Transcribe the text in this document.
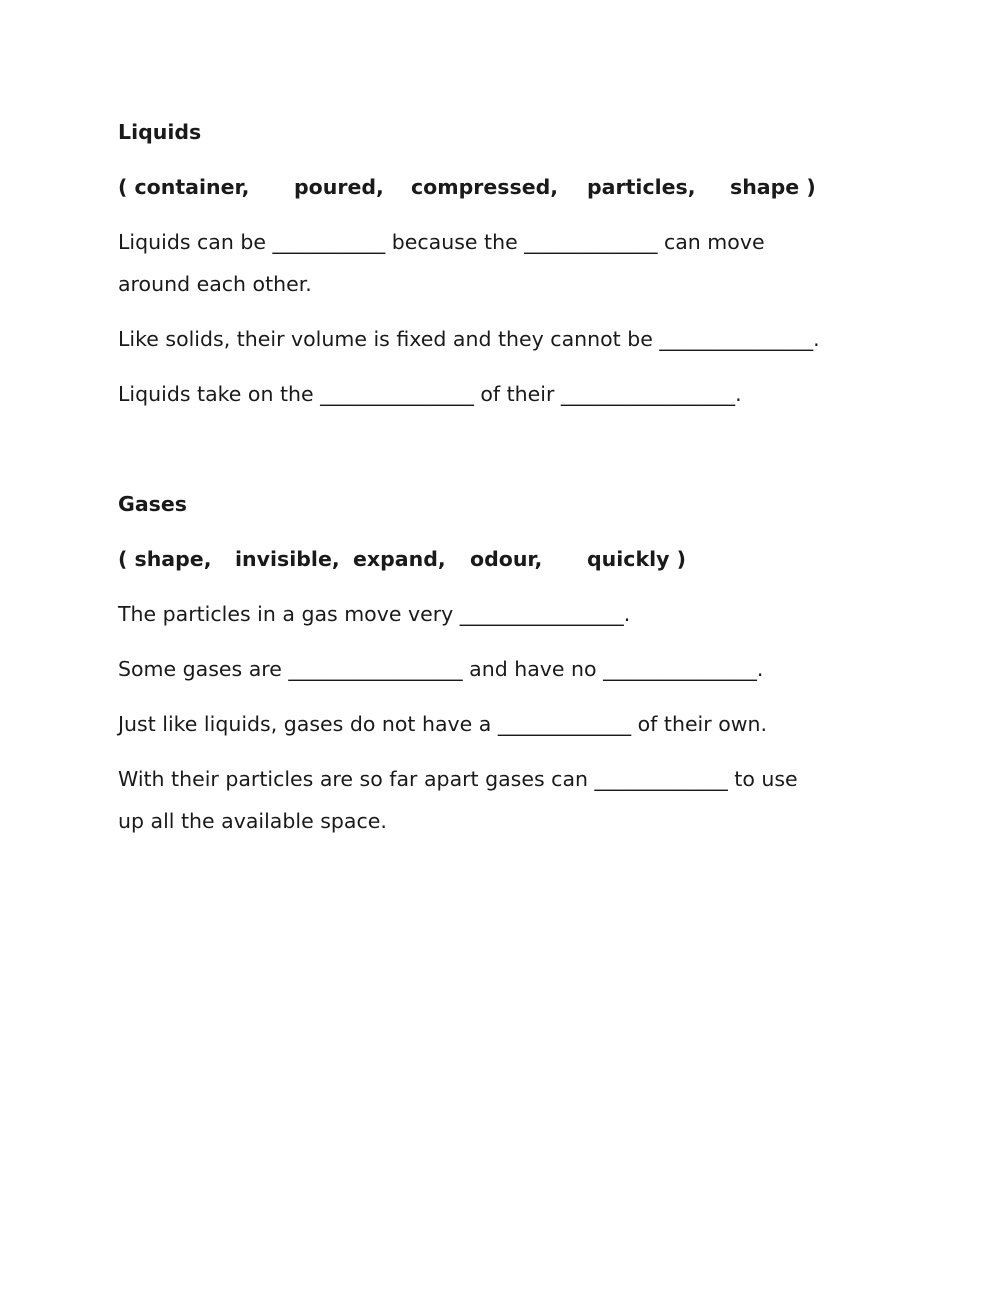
Liquids

( container, poured, compressed, particles, shape )

Liquids can be ___________ because the _____________ can move

around each other.

Like solids, their volume is fixed and they cannot be _______________.

Liquids take on the _______________ of their _________________.

Gases

( shape, invisible, expand, odour, quickly )

The particles in a gas move very ________________.

Some gases are _________________ and have no _______________.

Just like liquids, gases do not have a _____________ of their own.

With their particles are so far apart gases can _____________ to use

up all the available space.
